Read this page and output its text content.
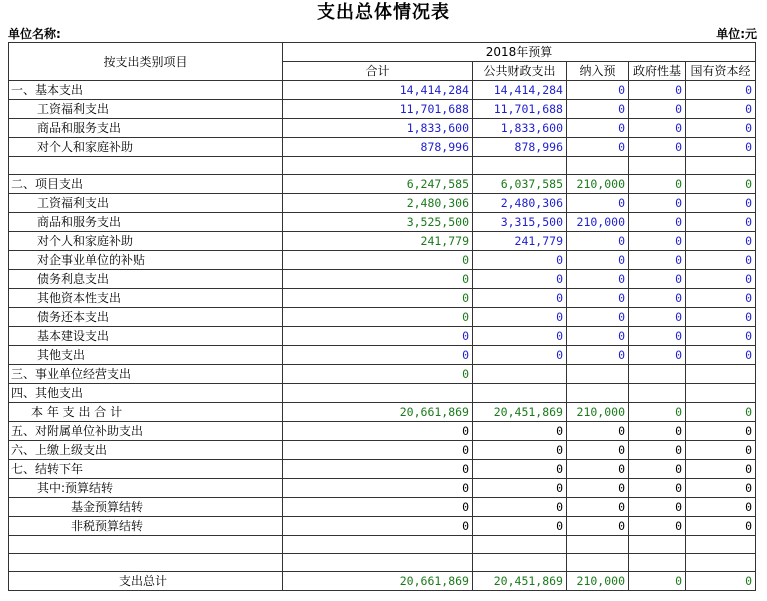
支出总体情况表
单位名称:	单位:元
按支出类别项目	2018年预算				
	合计	公共财政支出	纳入预	政府性基	国有资本经
一、基本支出	14,414,284	14,414,284	0	0	0
工资福利支出	11,701,688	11,701,688	0	0	0
商品和服务支出	1,833,600	1,833,600	0	0	0
对个人和家庭补助	878,996	878,996	0	0	0

二、项目支出	6,247,585	6,037,585	210,000	0	0
工资福利支出	2,480,306	2,480,306	0	0	0
商品和服务支出	3,525,500	3,315,500	210,000	0	0
对个人和家庭补助	241,779	241,779	0	0	0
对企事业单位的补贴	0	0	0	0	0
债务利息支出	0	0	0	0	0
其他资本性支出	0	0	0	0	0
债务还本支出	0	0	0	0	0
基本建设支出	0	0	0	0	0
其他支出	0	0	0	0	0
三、事业单位经营支出	0				
四、其他支出					
本 年 支 出 合 计	20,661,869	20,451,869	210,000	0	0
五、对附属单位补助支出	0	0	0	0	0
六、上缴上级支出	0	0	0	0	0
七、结转下年	0	0	0	0	0
其中:预算结转	0	0	0	0	0
基金预算结转	0	0	0	0	0
非税预算结转	0	0	0	0	0

支出总计	20,661,869	20,451,869	210,000	0	0
